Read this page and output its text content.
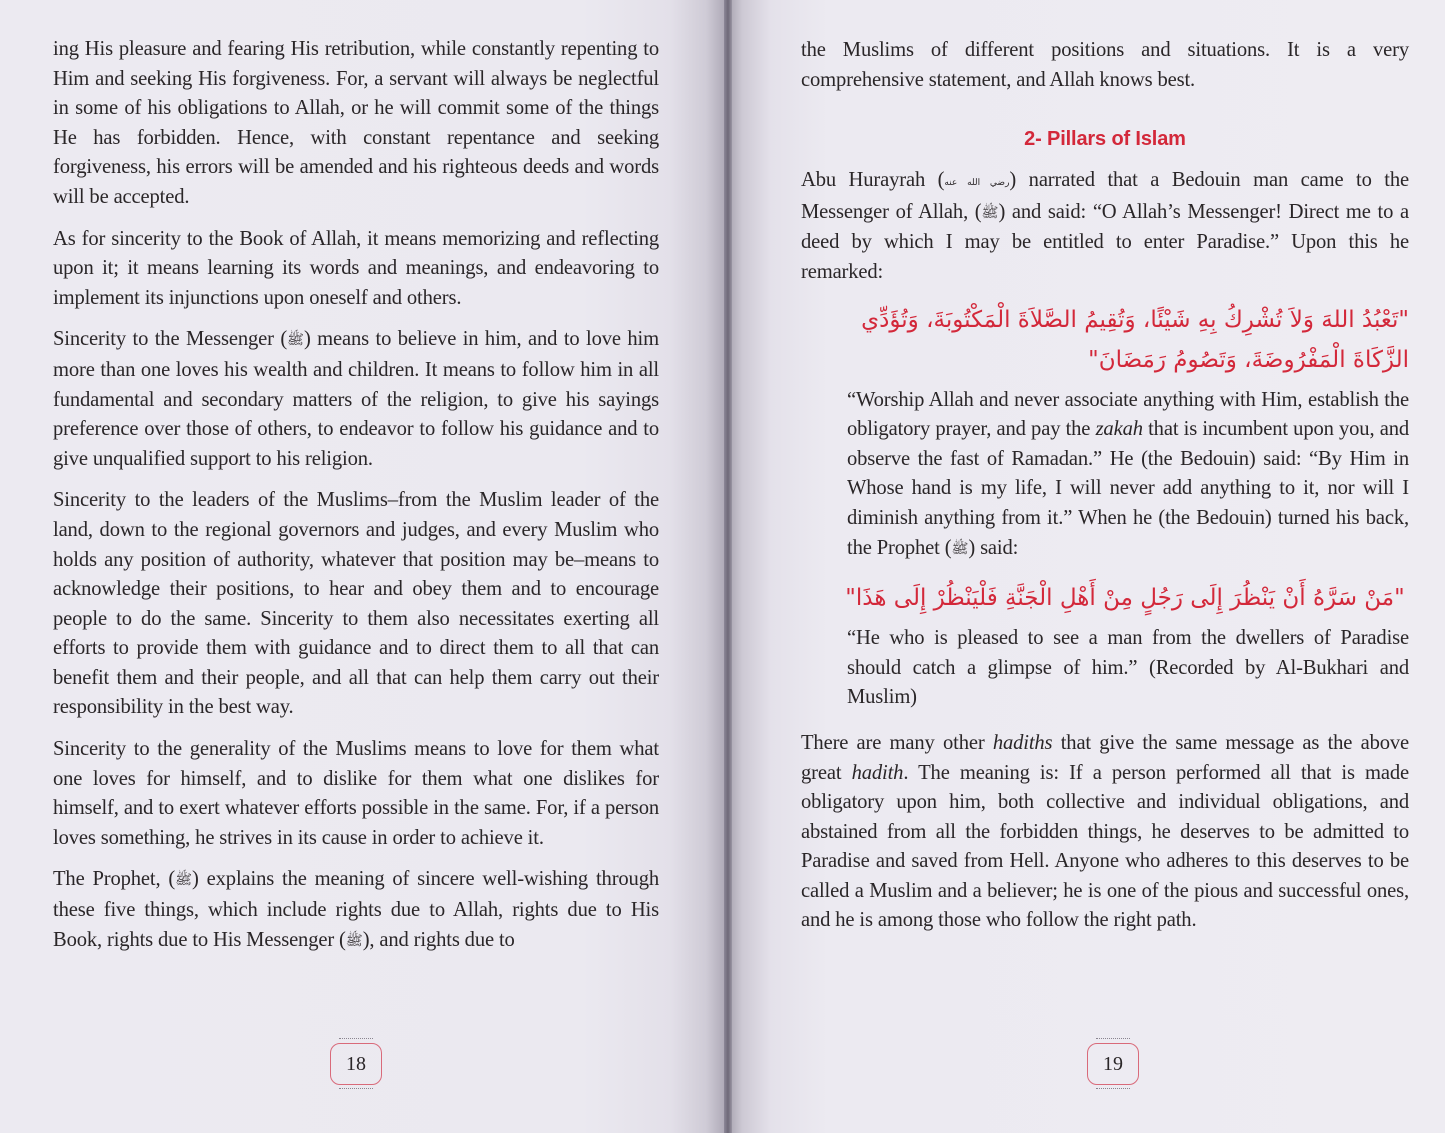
ing His pleasure and fearing His retribution, while constantly repenting to Him and seeking His forgiveness. For, a servant will always be neglectful in some of his obligations to Allah, or he will commit some of the things He has forbidden. Hence, with constant repentance and seeking forgiveness, his errors will be amended and his righteous deeds and words will be accepted.

As for sincerity to the Book of Allah, it means memorizing and reflecting upon it; it means learning its words and meanings, and endeavoring to implement its injunctions upon oneself and others.

Sincerity to the Messenger (ﷺ) means to believe in him, and to love him more than one loves his wealth and children. It means to follow him in all fundamental and secondary matters of the religion, to give his sayings preference over those of others, to endeavor to follow his guidance and to give unqualified support to his religion.

Sincerity to the leaders of the Muslims–from the Muslim leader of the land, down to the regional governors and judges, and every Muslim who holds any position of authority, whatever that position may be–means to acknowledge their positions, to hear and obey them and to encourage people to do the same. Sincerity to them also necessitates exerting all efforts to provide them with guidance and to direct them to all that can benefit them and their people, and all that can help them carry out their responsibility in the best way.

Sincerity to the generality of the Muslims means to love for them what one loves for himself, and to dislike for them what one dislikes for himself, and to exert whatever efforts possible in the same. For, if a person loves something, he strives in its cause in order to achieve it.

The Prophet, (ﷺ) explains the meaning of sincere well-wishing through these five things, which include rights due to Allah, rights due to His Book, rights due to His Messenger (ﷺ), and rights due to

the Muslims of different positions and situations. It is a very comprehensive statement, and Allah knows best.

2- Pillars of Islam

Abu Hurayrah (رضي الله عنه) narrated that a Bedouin man came to the Messenger of Allah, (ﷺ) and said: “O Allah’s Messenger! Direct me to a deed by which I may be entitled to enter Paradise.” Upon this he remarked:

"تَعْبُدُ اللهَ وَلاَ تُشْرِكُ بِهِ شَيْئًا، وَتُقِيمُ الصَّلاَةَ الْمَكْتُوبَةَ، وَتُؤَدِّي الزَّكَاةَ الْمَفْرُوضَةَ، وَتَصُومُ رَمَضَانَ"

“Worship Allah and never associate anything with Him, establish the obligatory prayer, and pay the zakah that is incumbent upon you, and observe the fast of Ramadan.” He (the Bedouin) said: “By Him in Whose hand is my life, I will never add anything to it, nor will I diminish anything from it.” When he (the Bedouin) turned his back, the Prophet (ﷺ) said:

"مَنْ سَرَّهُ أَنْ يَنْظُرَ إِلَى رَجُلٍ مِنْ أَهْلِ الْجَنَّةِ فَلْيَنْظُرْ إِلَى هَذَا"

“He who is pleased to see a man from the dwellers of Paradise should catch a glimpse of him.” (Recorded by Al-Bukhari and Muslim)

There are many other hadiths that give the same message as the above great hadith. The meaning is: If a person performed all that is made obligatory upon him, both collective and individual obligations, and abstained from all the forbidden things, he deserves to be admitted to Paradise and saved from Hell. Anyone who adheres to this deserves to be called a Muslim and a believer; he is one of the pious and successful ones, and he is among those who follow the right path.

18	19
